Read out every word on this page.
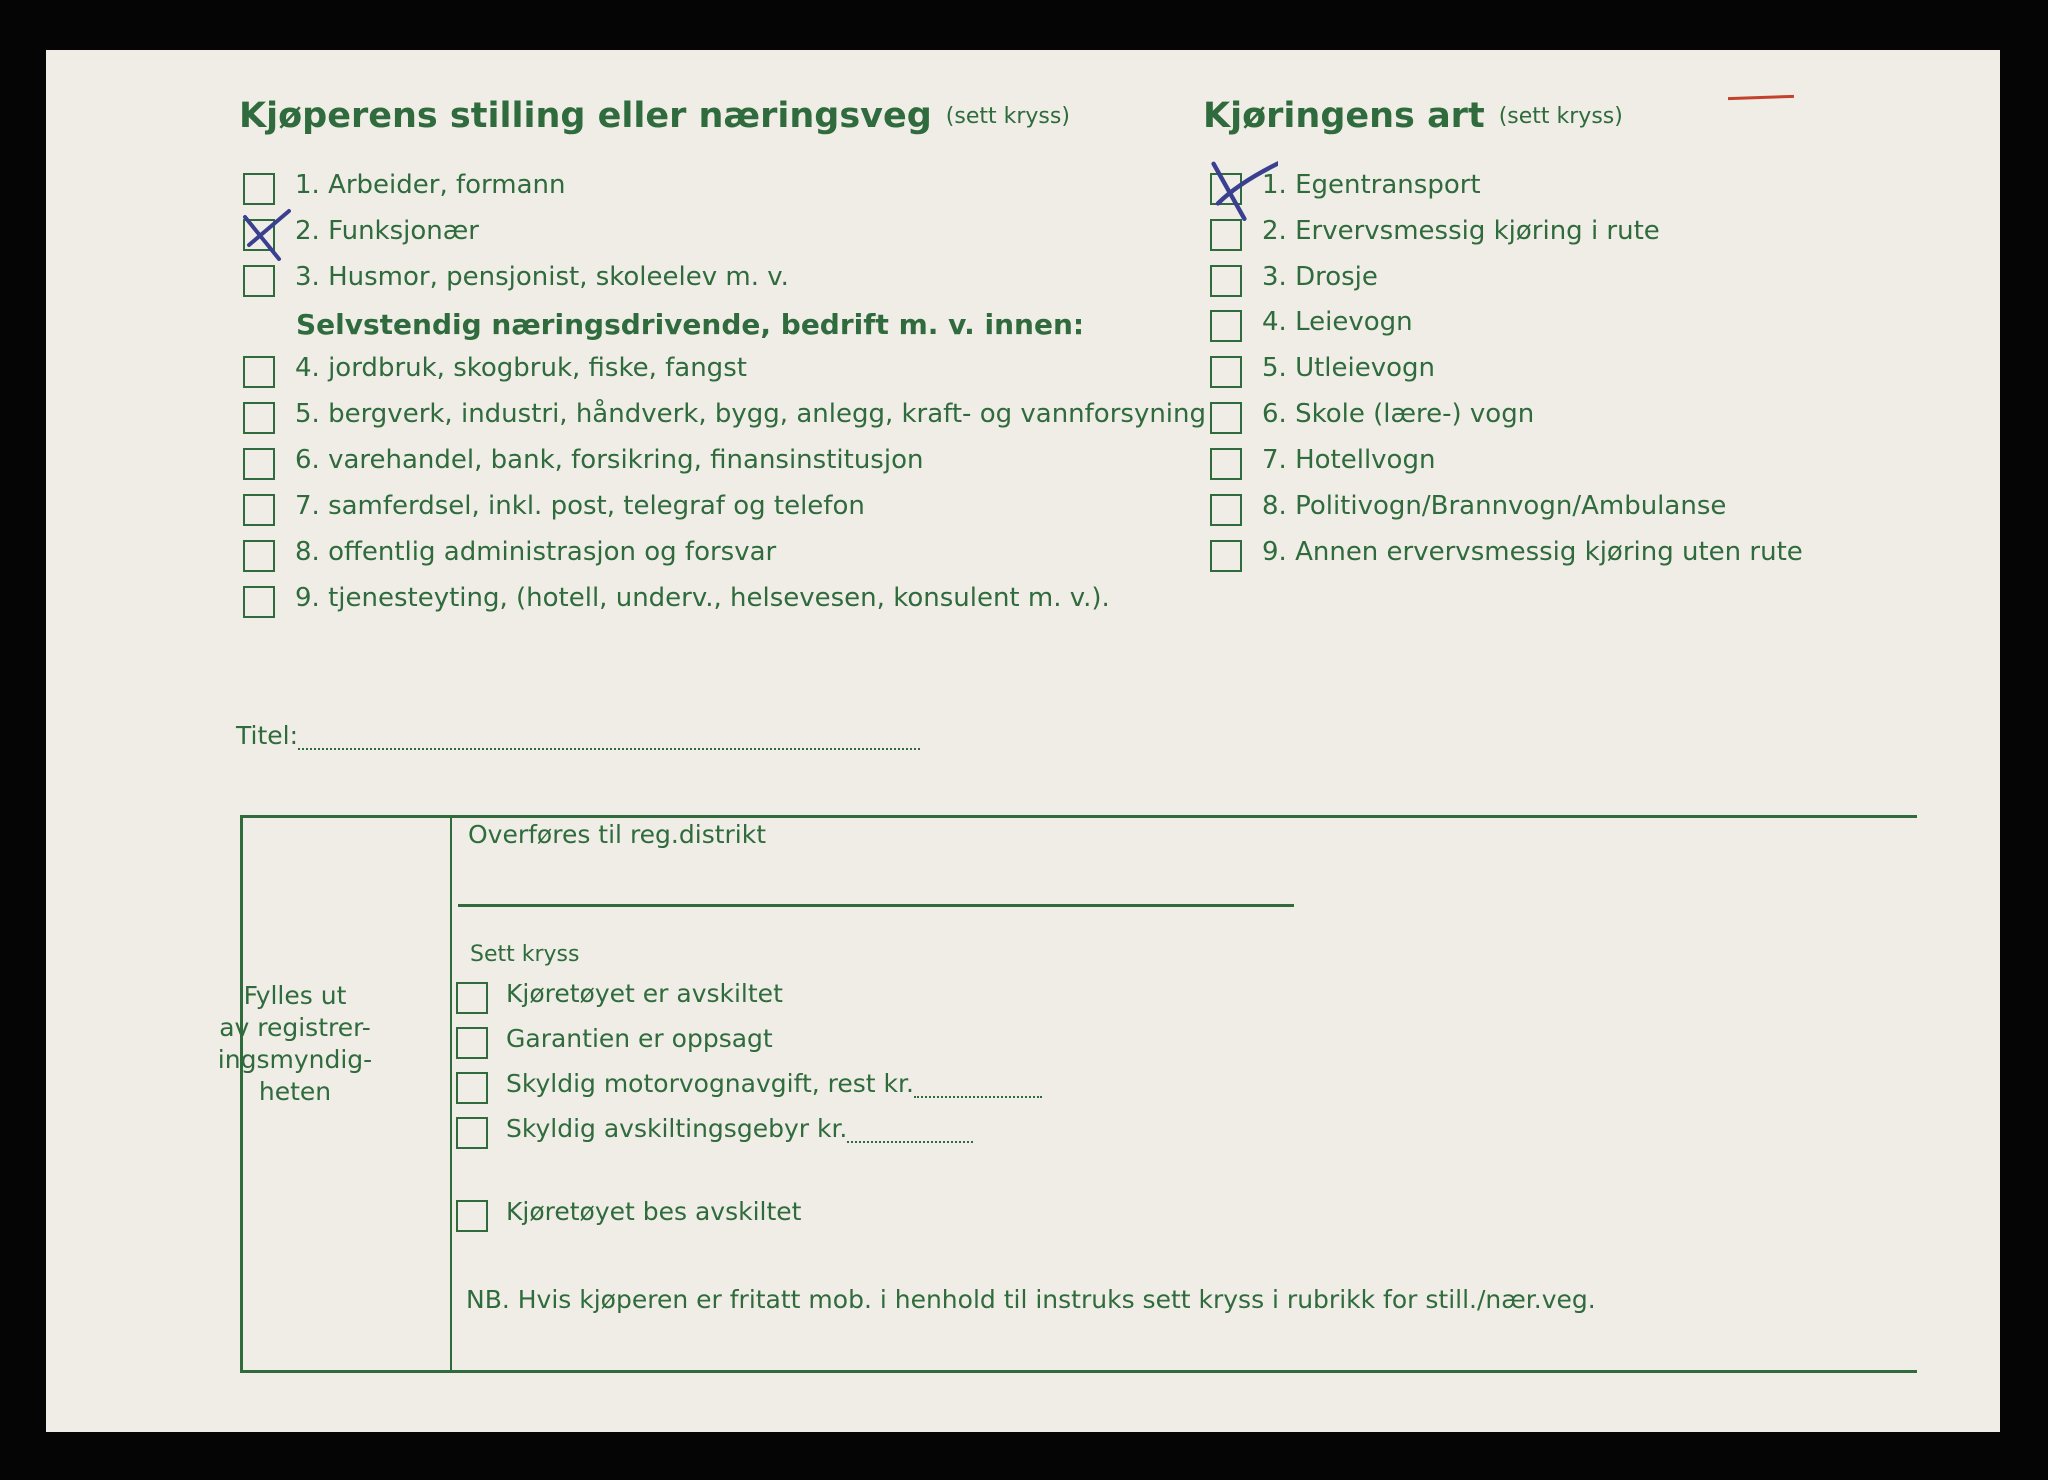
Kjøperens stilling eller næringsveg (sett kryss)	Kjøringens art (sett kryss)
1. Arbeider, formann
2. Funksjonær
3. Husmor, pensjonist, skoleelev m. v.
Selvstendig næringsdrivende, bedrift m. v. innen:
4. jordbruk, skogbruk, fiske, fangst
5. bergverk, industri, håndverk, bygg, anlegg, kraft- og vannforsyning
6. varehandel, bank, forsikring, finansinstitusjon
7. samferdsel, inkl. post, telegraf og telefon
8. offentlig administrasjon og forsvar
9. tjenesteyting, (hotell, underv., helsevesen, konsulent m. v.).
1. Egentransport
2. Ervervsmessig kjøring i rute
3. Drosje
4. Leievogn
5. Utleievogn
6. Skole (lære-) vogn
7. Hotellvogn
8. Politivogn/Brannvogn/Ambulanse
9. Annen ervervsmessig kjøring uten rute
Titel:
Fylles ut
av registrer-
ingsmyndig-
heten
Overføres til reg.distrikt
Sett kryss
Kjøretøyet er avskiltet
Garantien er oppsagt
Skyldig motorvognavgift, rest kr.
Skyldig avskiltingsgebyr kr.
Kjøretøyet bes avskiltet
NB. Hvis kjøperen er fritatt mob. i henhold til instruks sett kryss i rubrikk for still./nær.veg.
